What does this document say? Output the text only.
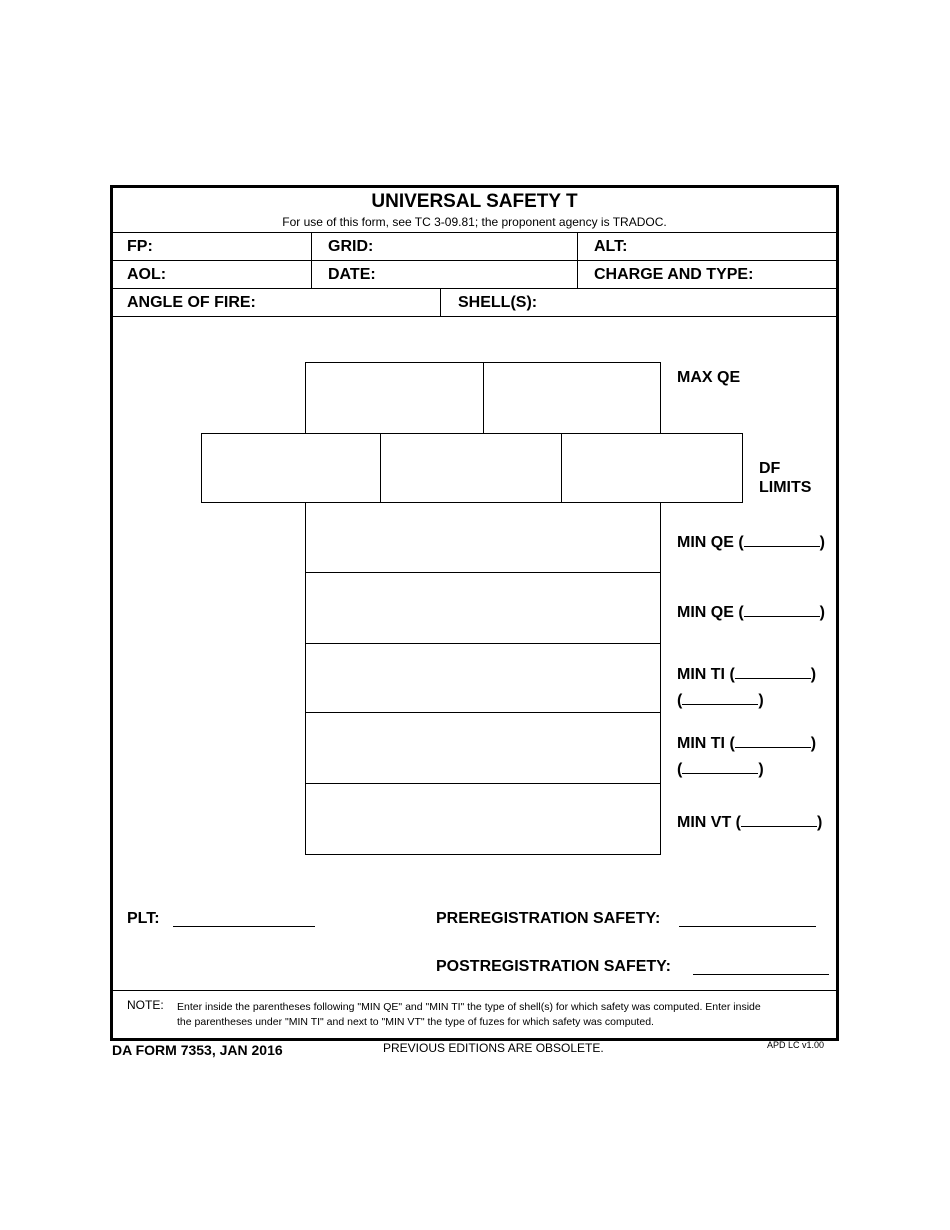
UNIVERSAL SAFETY T
For use of this form, see TC 3-09.81; the proponent agency is TRADOC.
FP:	GRID:	ALT:
AOL:	DATE:	CHARGE AND TYPE:
ANGLE OF FIRE:	SHELL(S):
MAX QE
DF
LIMITS
MIN QE (	)
MIN QE (	)
MIN TI (	)
(	)
MIN TI (	)
(	)
MIN VT (	)
PLT:	PREREGISTRATION SAFETY:
POSTREGISTRATION SAFETY:
NOTE: Enter inside the parentheses following "MIN QE" and "MIN TI" the type of shell(s) for which safety was computed. Enter inside
the parentheses under "MIN TI" and next to "MIN VT" the type of fuzes for which safety was computed.
DA FORM 7353, JAN 2016	PREVIOUS EDITIONS ARE OBSOLETE.	APD LC v1.00
